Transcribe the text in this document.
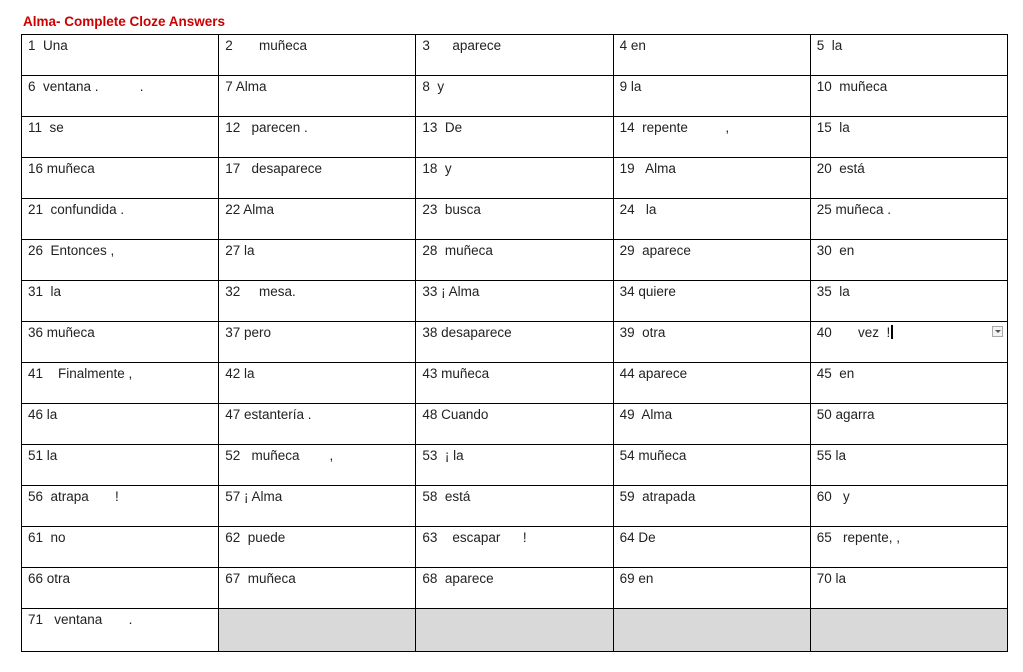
Alma- Complete Cloze Answers
1  Una	2       muñeca	3      aparece	4 en	5  la

6  ventana .           .	7 Alma	8  y	9 la	10  muñeca

11  se	12   parecen .	13  De	14  repente          ,	15  la

16 muñeca	17   desaparece	18  y	19   Alma	20  está

21  confundida .	22 Alma	23  busca	24   la	25 muñeca .

26  Entonces ,	27 la	28  muñeca	29  aparece	30  en

31  la	32     mesa.	33 ¡ Alma	34 quiere	35  la

36 muñeca	37 pero	38 desaparece	39  otra	40       vez  !

41    Finalmente ,	42 la	43 muñeca	44 aparece	45  en

46 la	47 estantería .	48 Cuando	49  Alma	50 agarra

51 la	52   muñeca        ,	53  ¡ la	54 muñeca	55 la

56  atrapa       !	57 ¡ Alma	58  está	59  atrapada	60   y

61  no	62  puede	63    escapar      !	64 De	65   repente, ,

66 otra	67  muñeca	68  aparece	69 en	70 la

71   ventana       .				
